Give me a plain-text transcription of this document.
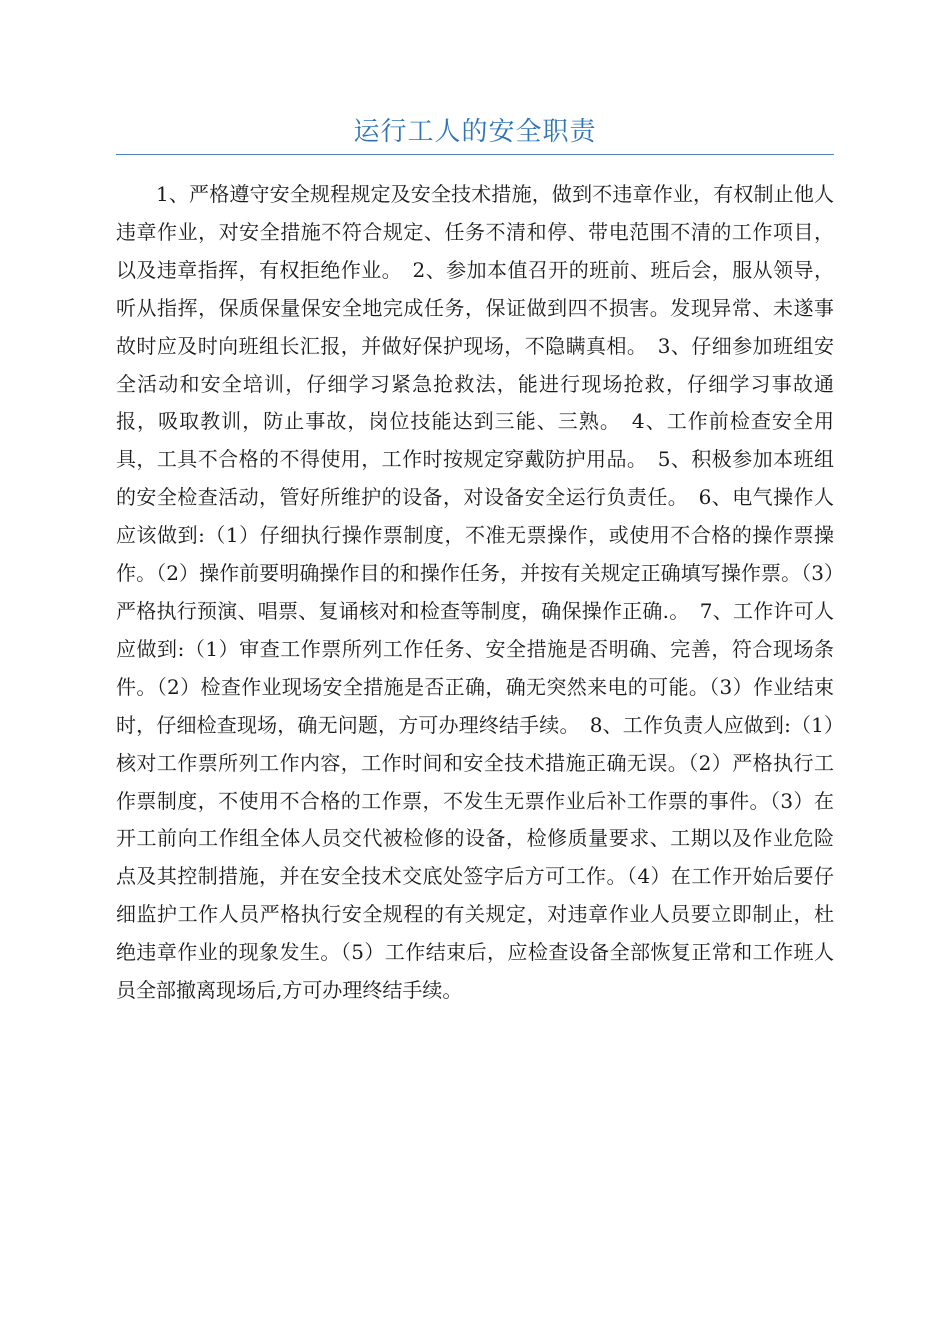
运行工人的安全职责

1、严格遵守安全规程规定及安全技术措施，做到不违章作业，有权制止他人违章作业，对安全措施不符合规定、任务不清和停、带电范围不清的工作项目，以及违章指挥，有权拒绝作业。　2、参加本值召开的班前、班后会，服从领导，听从指挥，保质保量保安全地完成任务，保证做到四不损害。发现异常、未遂事故时应及时向班组长汇报，并做好保护现场，不隐瞒真相。　3、仔细参加班组安全活动和安全培训，仔细学习紧急抢救法，能进行现场抢救，仔细学习事故通报，吸取教训，防止事故，岗位技能达到三能、三熟。　4、工作前检查安全用具，工具不合格的不得使用，工作时按规定穿戴防护用品。　5、积极参加本班组的安全检查活动，管好所维护的设备，对设备安全运行负责任。　6、电气操作人应该做到:（1）仔细执行操作票制度，不准无票操作，或使用不合格的操作票操作。（2）操作前要明确操作目的和操作任务，并按有关规定正确填写操作票。（3）严格执行预演、唱票、复诵核对和检查等制度，确保操作正确.。　7、工作许可人应做到:（1）审查工作票所列工作任务、安全措施是否明确、完善，符合现场条件。（2）检查作业现场安全措施是否正确，确无突然来电的可能。（3）作业结束时，仔细检查现场，确无问题，方可办理终结手续。　8、工作负责人应做到:（1）核对工作票所列工作内容，工作时间和安全技术措施正确无误。（2）严格执行工作票制度，不使用不合格的工作票，不发生无票作业后补工作票的事件。（3）在开工前向工作组全体人员交代被检修的设备，检修质量要求、工期以及作业危险点及其控制措施，并在安全技术交底处签字后方可工作。（4）在工作开始后要仔细监护工作人员严格执行安全规程的有关规定，对违章作业人员要立即制止，杜绝违章作业的现象发生。（5）工作结束后，应检查设备全部恢复正常和工作班人员全部撤离现场后,方可办理终结手续。
